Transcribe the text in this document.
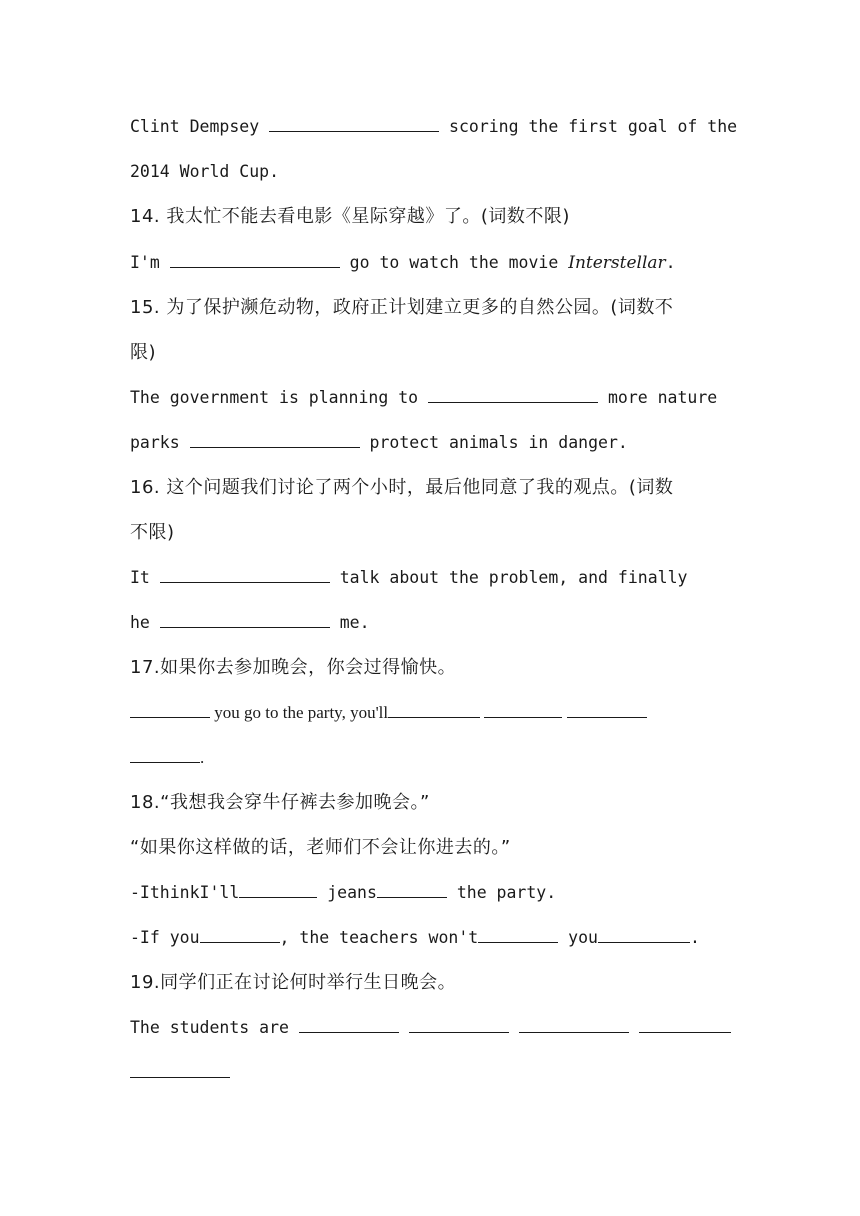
Clint Dempsey	scoring the first goal of the
2014 World Cup.
14. 我太忙不能去看电影《星际穿越》了。(词数不限)
I'm	go to watch the movie Interstellar.
15. 为了保护濒危动物，政府正计划建立更多的自然公园。(词数不
限)
The government is planning to	more nature
parks	protect animals in danger.
16. 这个问题我们讨论了两个小时，最后他同意了我的观点。(词数
不限)
It	talk about the problem, and finally
he	me.
17.如果你去参加晚会，你会过得愉快。
you go to the party, you'll
.
18.“我想我会穿牛仔裤去参加晚会。”
“如果你这样做的话，老师们不会让你进去的。”
-IthinkI'll	jeans	the party.
-If you	, the teachers won't	you	.
19.同学们正在讨论何时举行生日晚会。
The students are
